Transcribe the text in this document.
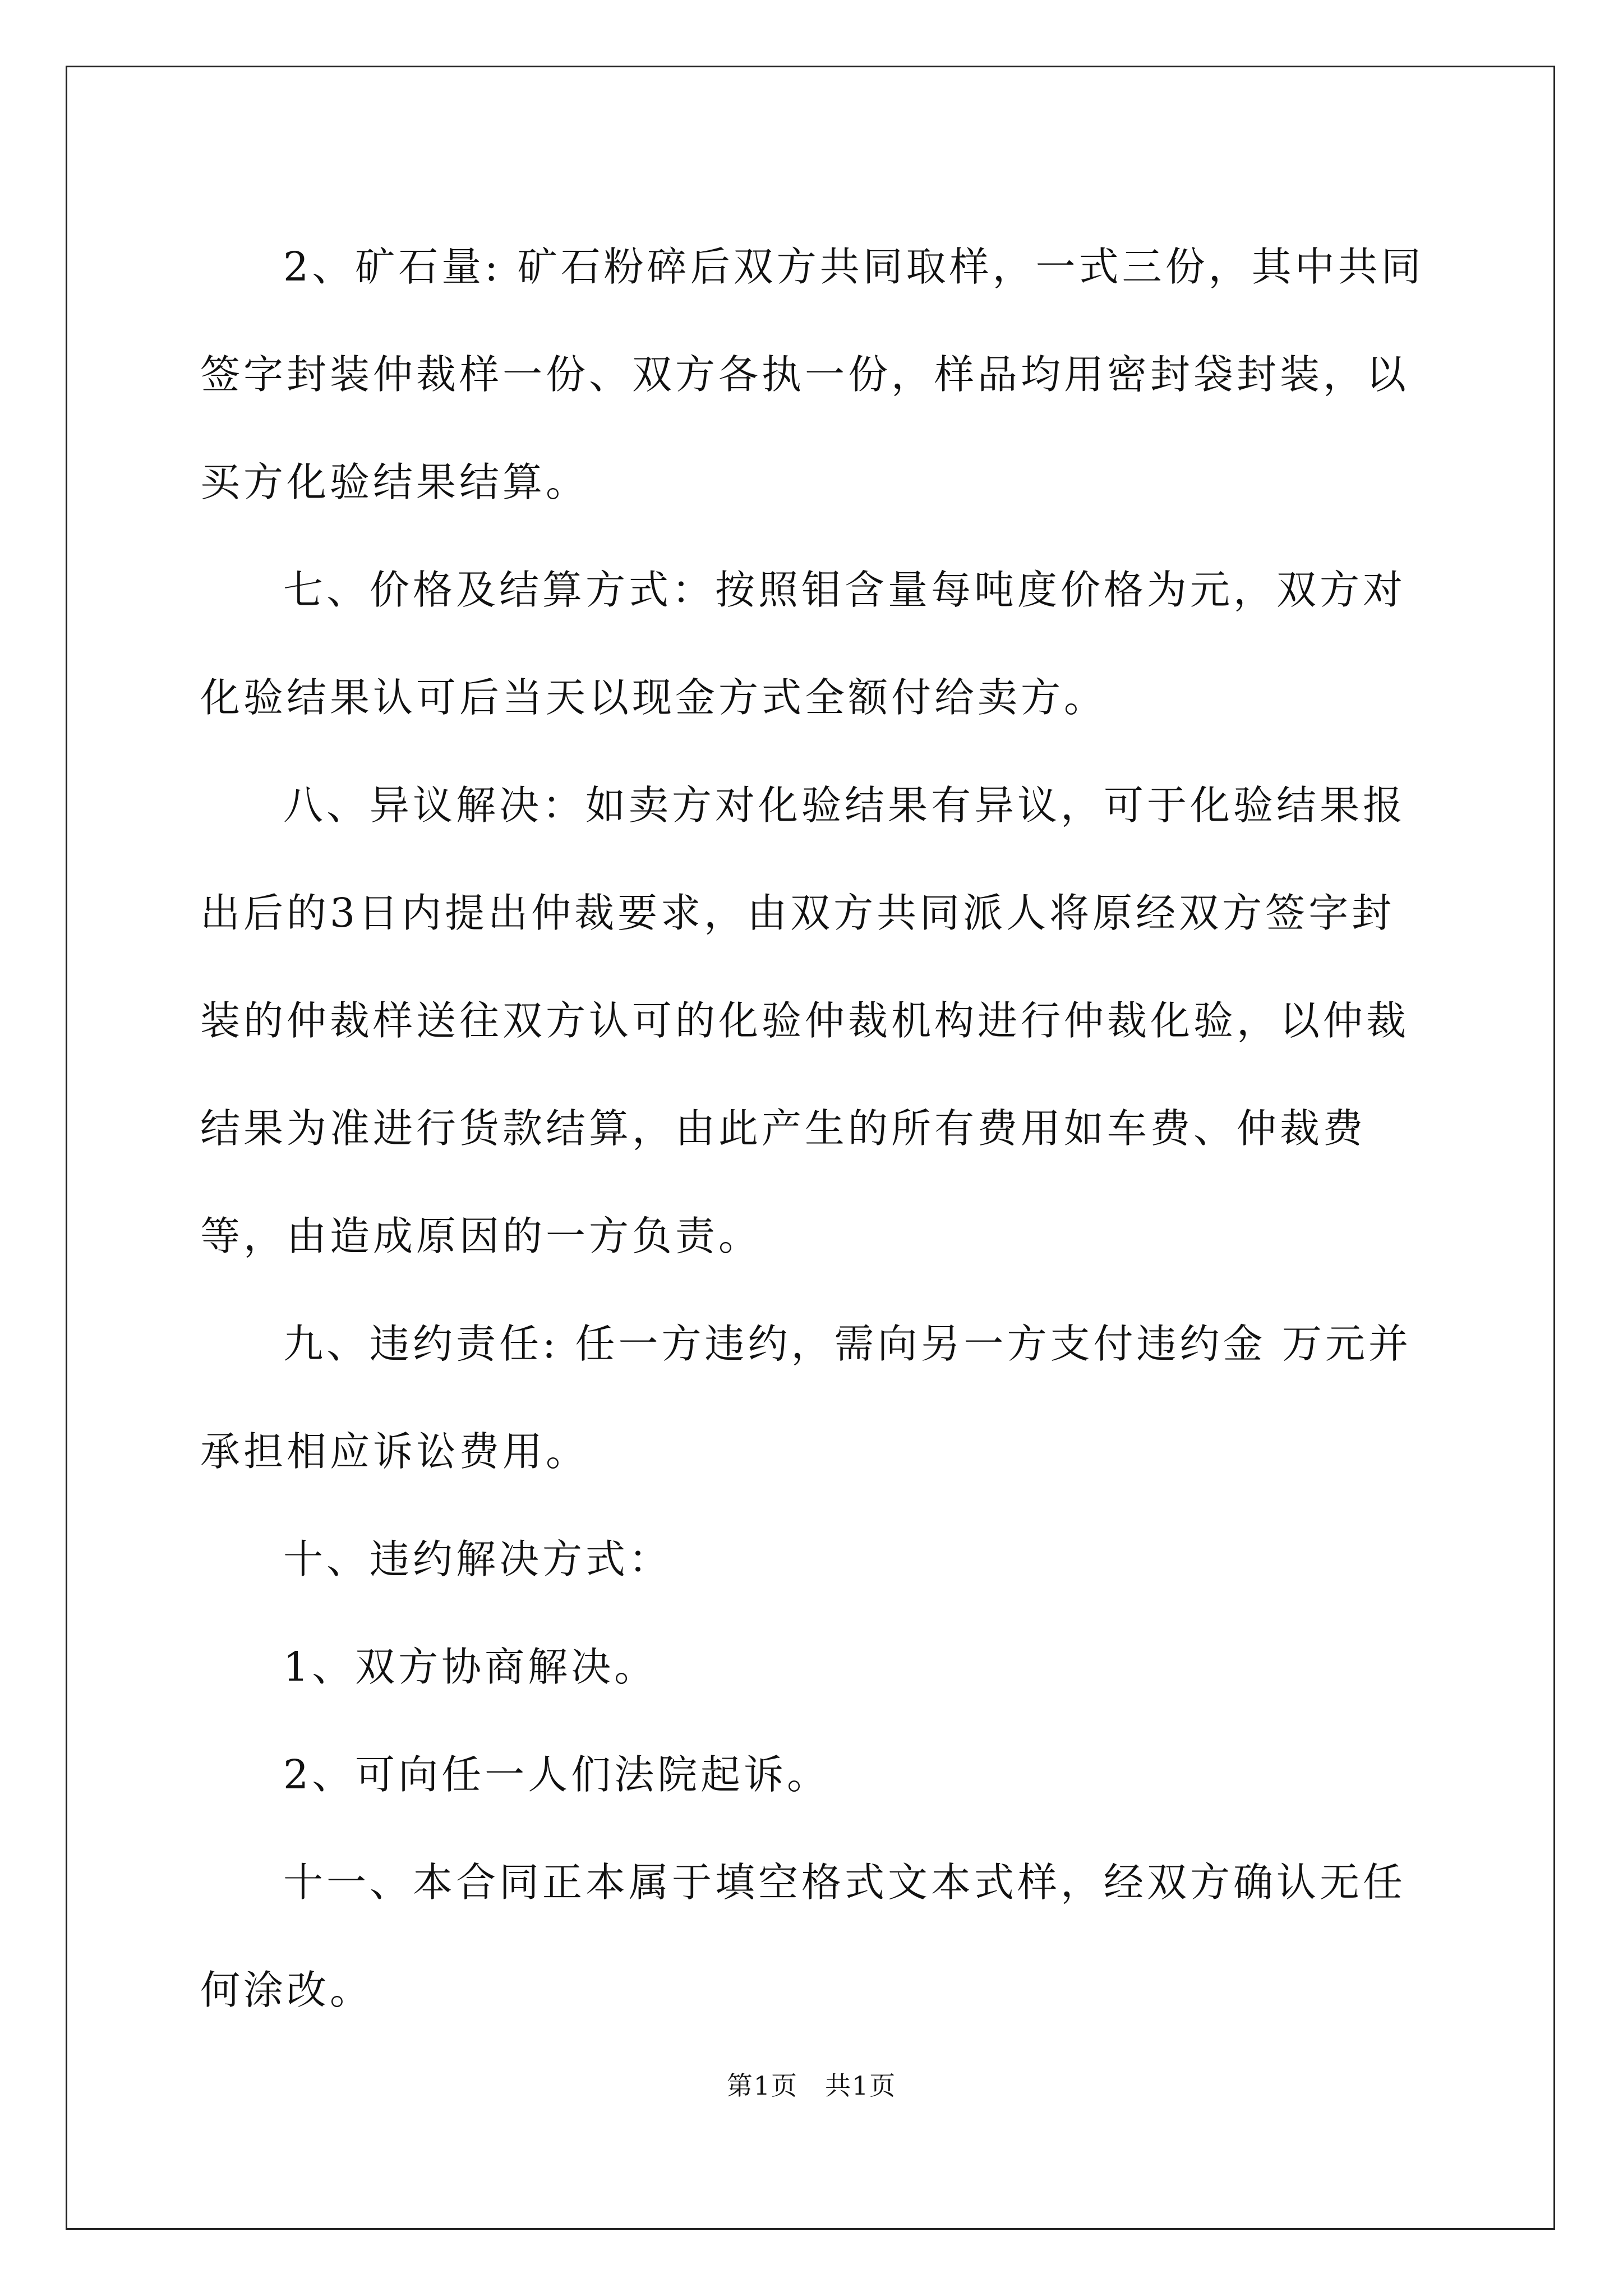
2、矿石量: 矿石粉碎后双方共同取样，一式三份，其中共同签字封装仲裁样一份、双方各执一份，样品均用密封袋封装，以买方化验结果结算。

七、价格及结算方式：按照钼含量每吨度价格为元，双方对化验结果认可后当天以现金方式全额付给卖方。

八、异议解决：如卖方对化验结果有异议，可于化验结果报出后的3日内提出仲裁要求，由双方共同派人将原经双方签字封装的仲裁样送往双方认可的化验仲裁机构进行仲裁化验，以仲裁结果为准进行货款结算，由此产生的所有费用如车费、仲裁费等，由造成原因的一方负责。

九、违约责任: 任一方违约，需向另一方支付违约金 万元并承担相应诉讼费用。

十、违约解决方式：

1、双方协商解决。

2、可向任一人们法院起诉。

十一、本合同正本属于填空格式文本式样，经双方确认无任何涂改。

第1页　共1页
